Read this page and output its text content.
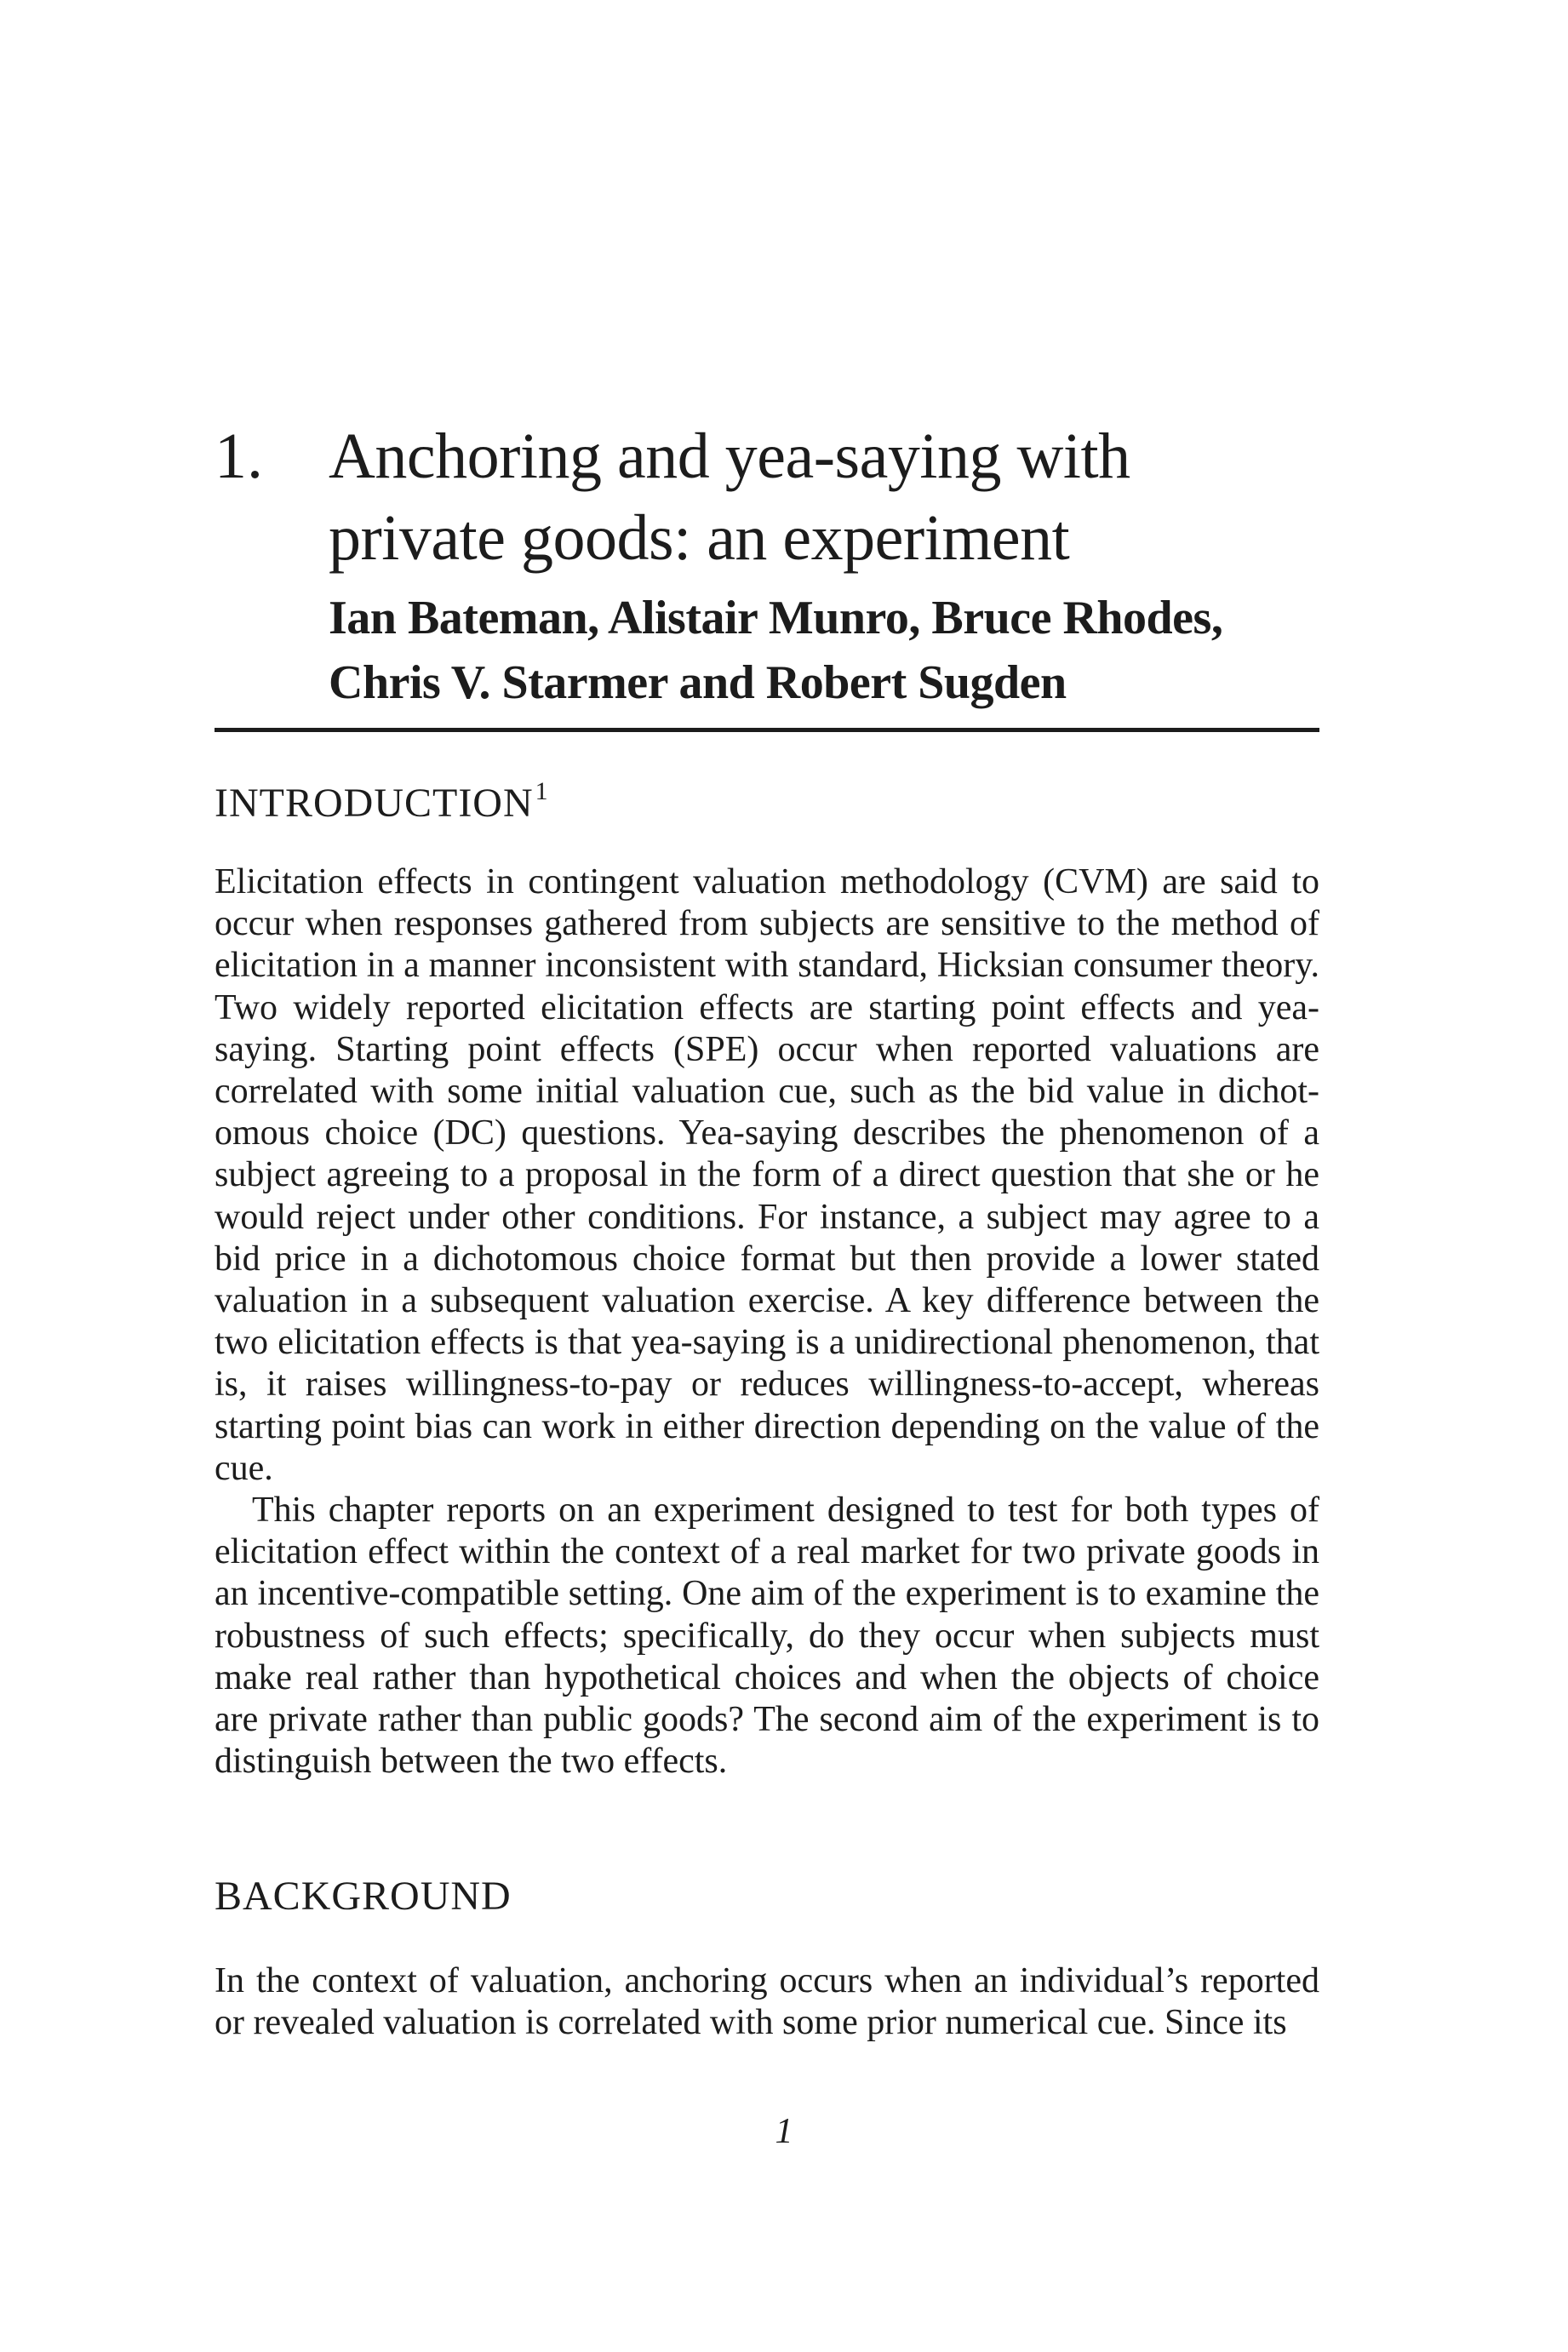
1. Anchoring and yea-saying with
private goods: an experiment
Ian Bateman, Alistair Munro, Bruce Rhodes,
Chris V. Starmer and Robert Sugden
INTRODUCTION$^1$

Elicitation effects in contingent valuation methodology (CVM) are said to occur when responses gathered from subjects are sensitive to the method of elicitation in a manner inconsistent with standard, Hicksian consumer theory. Two widely reported elicitation effects are starting point effects and yea-saying. Starting point effects (SPE) occur when reported valuations are correlated with some initial valuation cue, such as the bid value in dichotomous choice (DC) questions. Yea-saying describes the phenomenon of a subject agreeing to a proposal in the form of a direct question that she or he would reject under other conditions. For instance, a subject may agree to a bid price in a dichotomous choice format but then provide a lower stated valuation in a subsequent valuation exercise. A key difference between the two elicitation effects is that yea-saying is a unidirectional phenomenon, that is, it raises willingness-to-pay or reduces willingness-to-accept, whereas starting point bias can work in either direction depending on the value of the cue.

This chapter reports on an experiment designed to test for both types of elicitation effect within the context of a real market for two private goods in an incentive-compatible setting. One aim of the experiment is to examine the robustness of such effects; specifically, do they occur when subjects must make real rather than hypothetical choices and when the objects of choice are private rather than public goods? The second aim of the experiment is to distinguish between the two effects.

BACKGROUND

In the context of valuation, anchoring occurs when an individual’s reported or revealed valuation is correlated with some prior numerical cue. Since its

1
